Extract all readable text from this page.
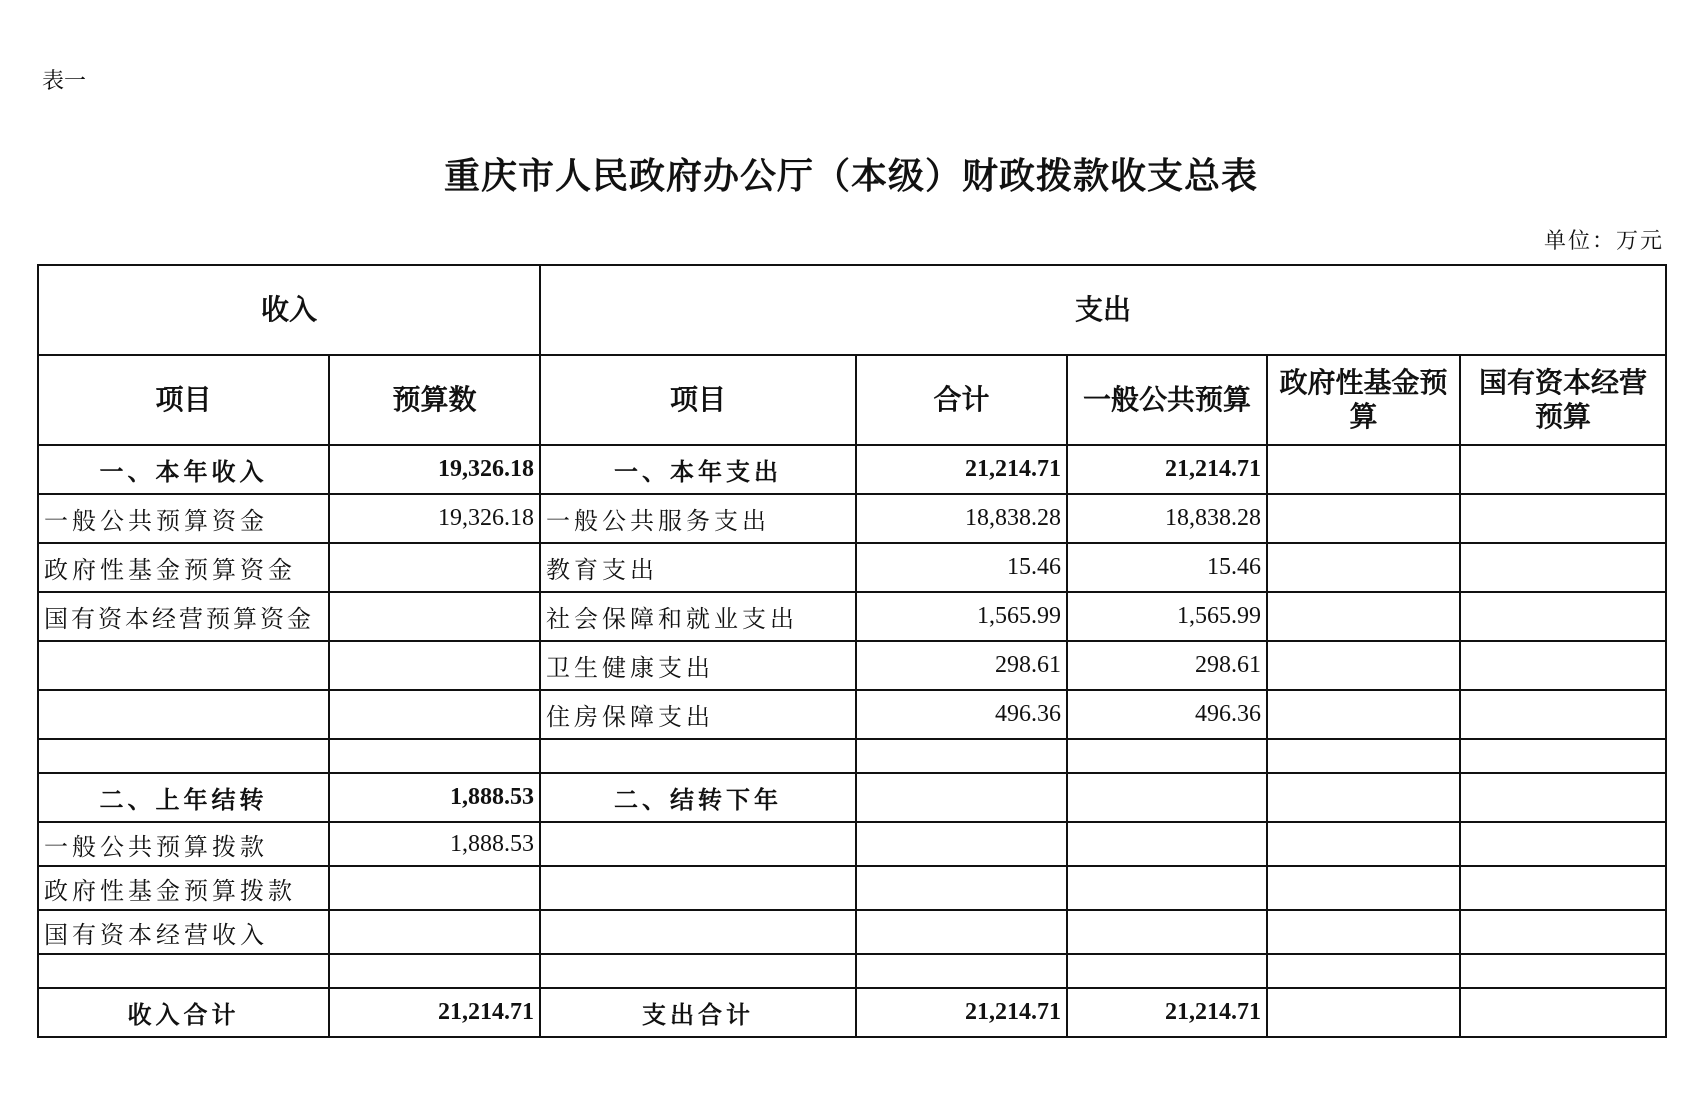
表一
重庆市人民政府办公厅（本级）财政拨款收支总表
单位：万元
收入		支出				
项目	预算数	项目	合计	一般公共预算	政府性基金预算	国有资本经营预算
一、本年收入	19,326.18	一、本年支出	21,214.71	21,214.71		
一般公共预算资金	19,326.18	一般公共服务支出	18,838.28	18,838.28		
政府性基金预算资金		教育支出	15.46	15.46		
国有资本经营预算资金		社会保障和就业支出	1,565.99	1,565.99		
		卫生健康支出	298.61	298.61		
		住房保障支出	496.36	496.36		

二、上年结转	1,888.53	二、结转下年				
一般公共预算拨款	1,888.53					
政府性基金预算拨款						
国有资本经营收入						

收入合计	21,214.71	支出合计	21,214.71	21,214.71		
